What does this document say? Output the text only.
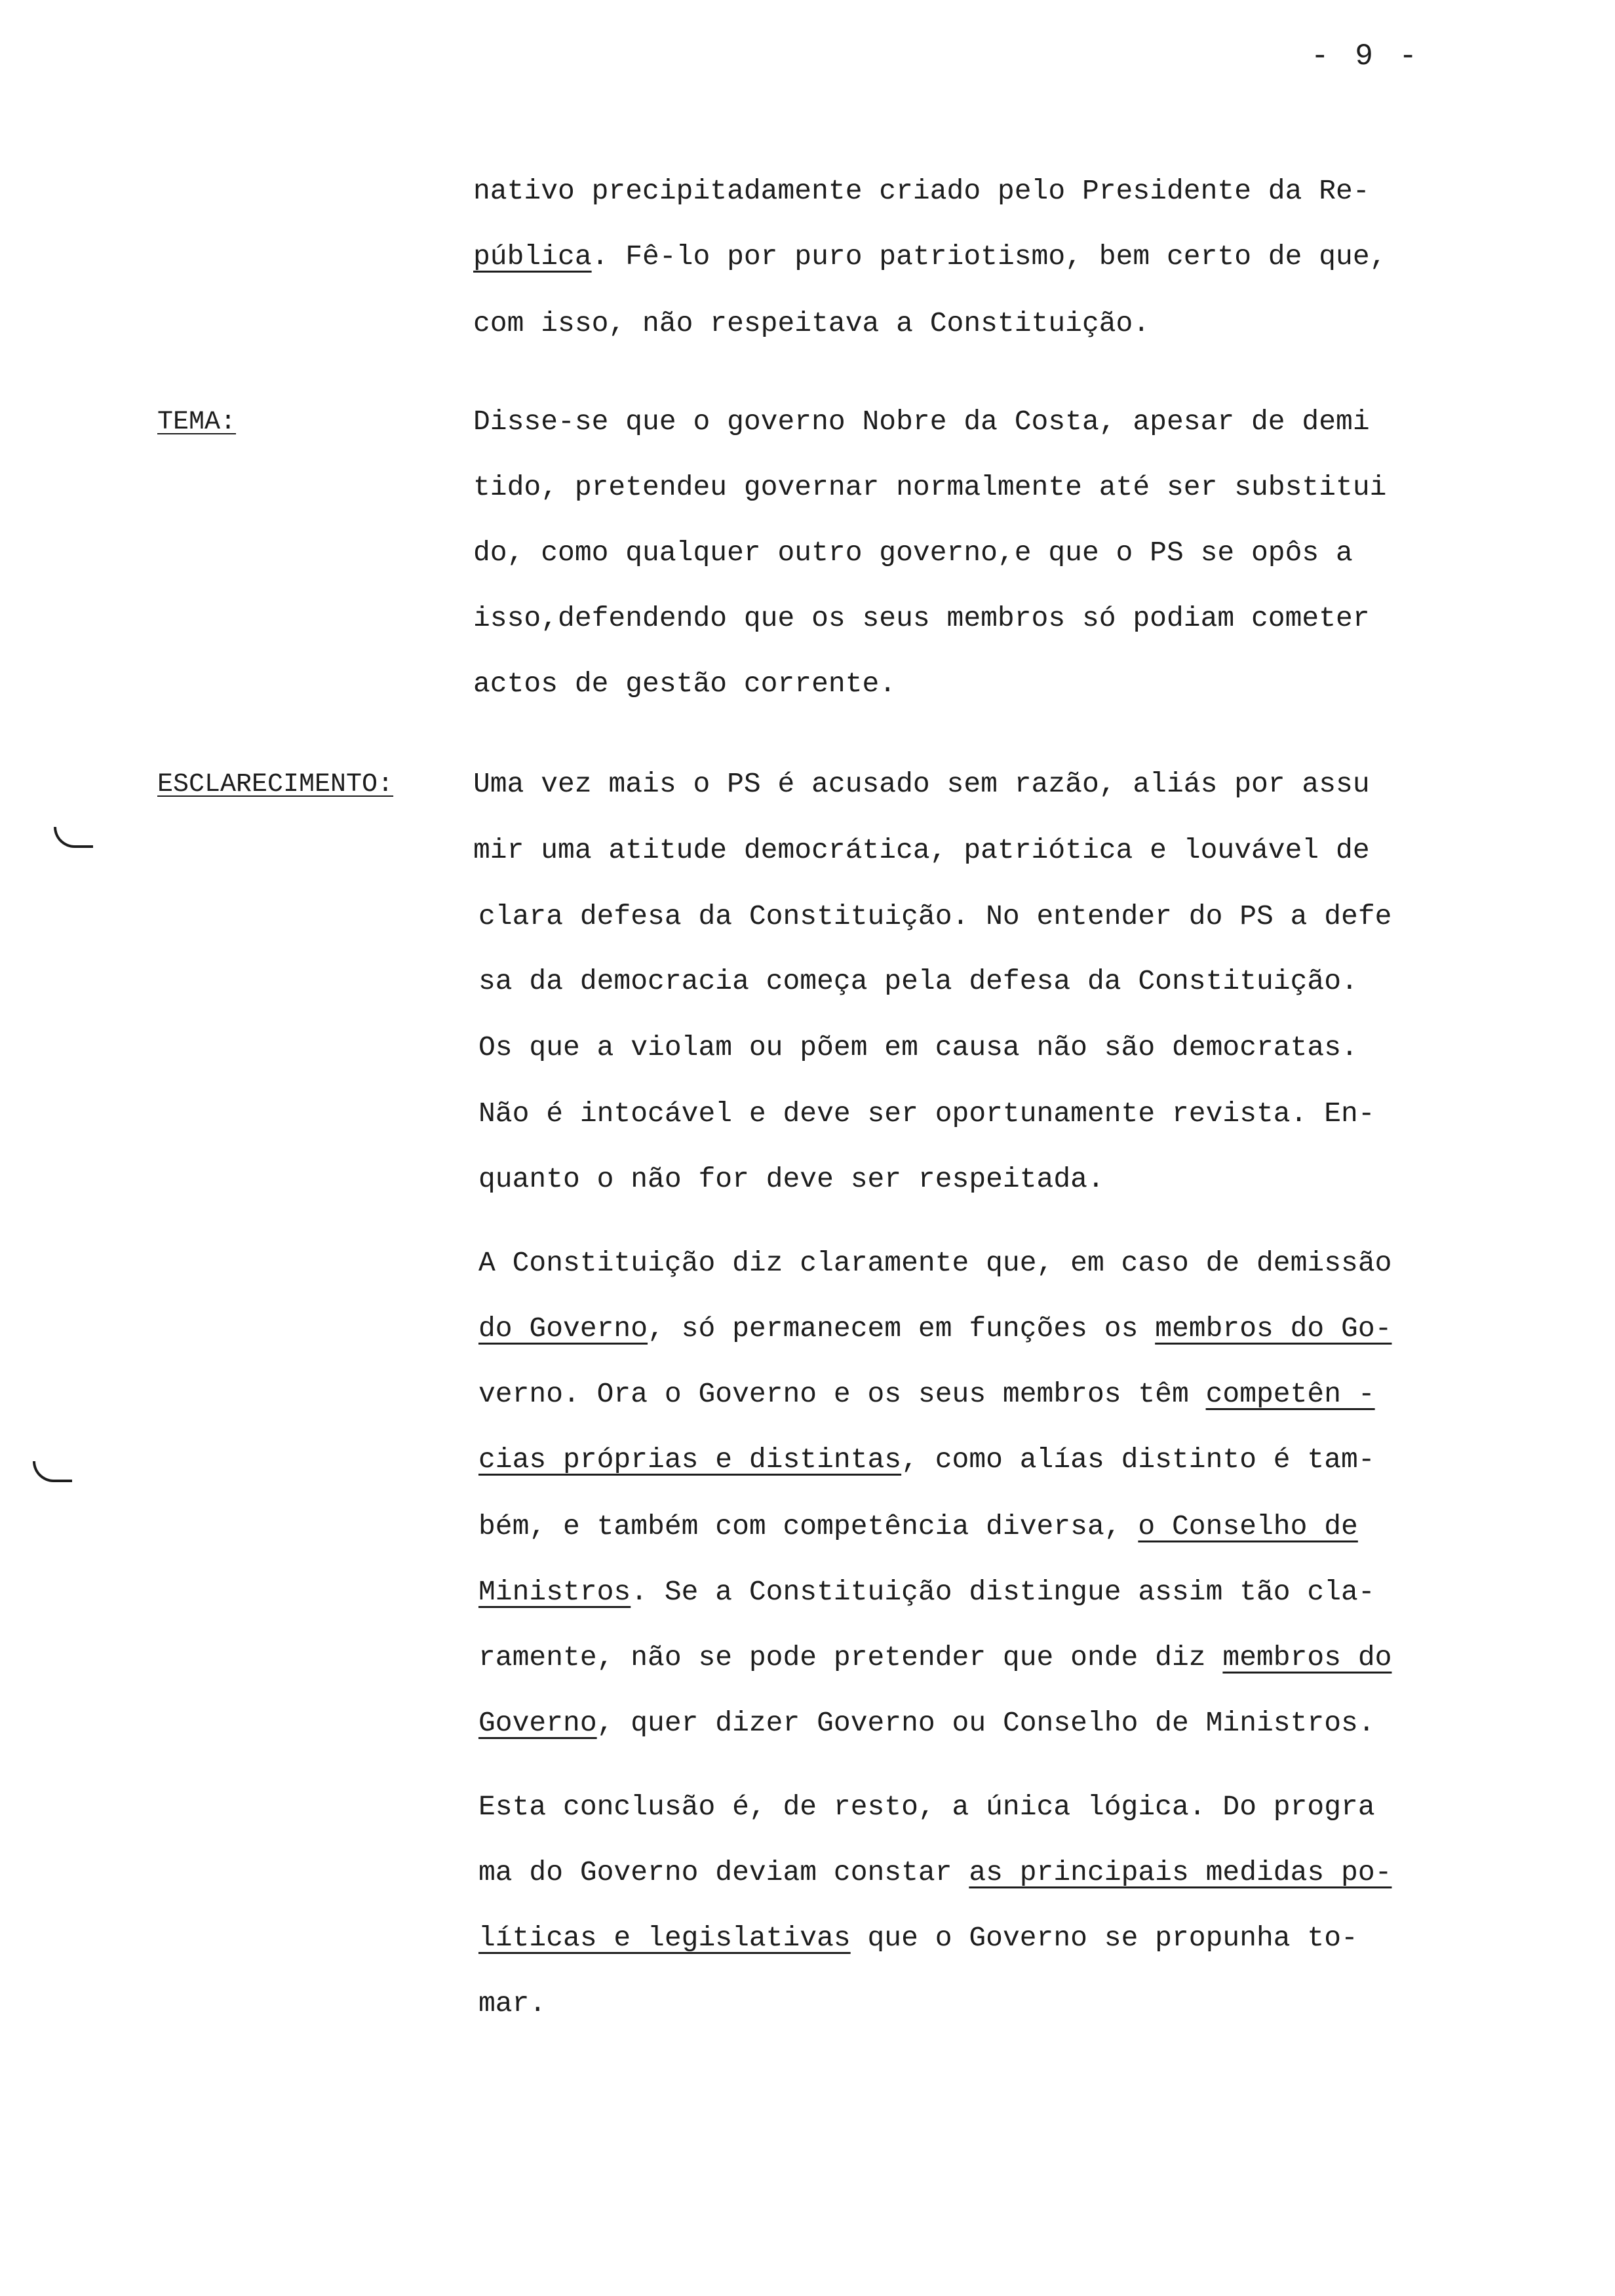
- 9 -
nativo precipitadamente criado pelo Presidente da Re-
pública. Fê-lo por puro patriotismo, bem certo de que,
com isso, não respeitava a Constituição.
TEMA:	Disse-se que o governo Nobre da Costa, apesar de demi
tido, pretendeu governar normalmente até ser substitui
do, como qualquer outro governo,e que o PS se opôs a
isso,defendendo que os seus membros só podiam cometer
actos de gestão corrente.
ESCLARECIMENTO:	Uma vez mais o PS é acusado sem razão, aliás por assu
mir uma atitude democrática, patriótica e louvável de
clara defesa da Constituição. No entender do PS a defe
sa da democracia começa pela defesa da Constituição.
Os que a violam ou põem em causa não são democratas.
Não é intocável e deve ser oportunamente revista. En-
quanto o não for deve ser respeitada.
A Constituição diz claramente que, em caso de demissão
do Governo, só permanecem em funções os membros do Go-
verno. Ora o Governo e os seus membros têm competên -
cias próprias e distintas, como alías distinto é tam-
bém, e também com competência diversa, o Conselho de
Ministros. Se a Constituição distingue assim tão cla-
ramente, não se pode pretender que onde diz membros do
Governo, quer dizer Governo ou Conselho de Ministros.
Esta conclusão é, de resto, a única lógica. Do progra
ma do Governo deviam constar as principais medidas po-
líticas e legislativas que o Governo se propunha to-
mar.
